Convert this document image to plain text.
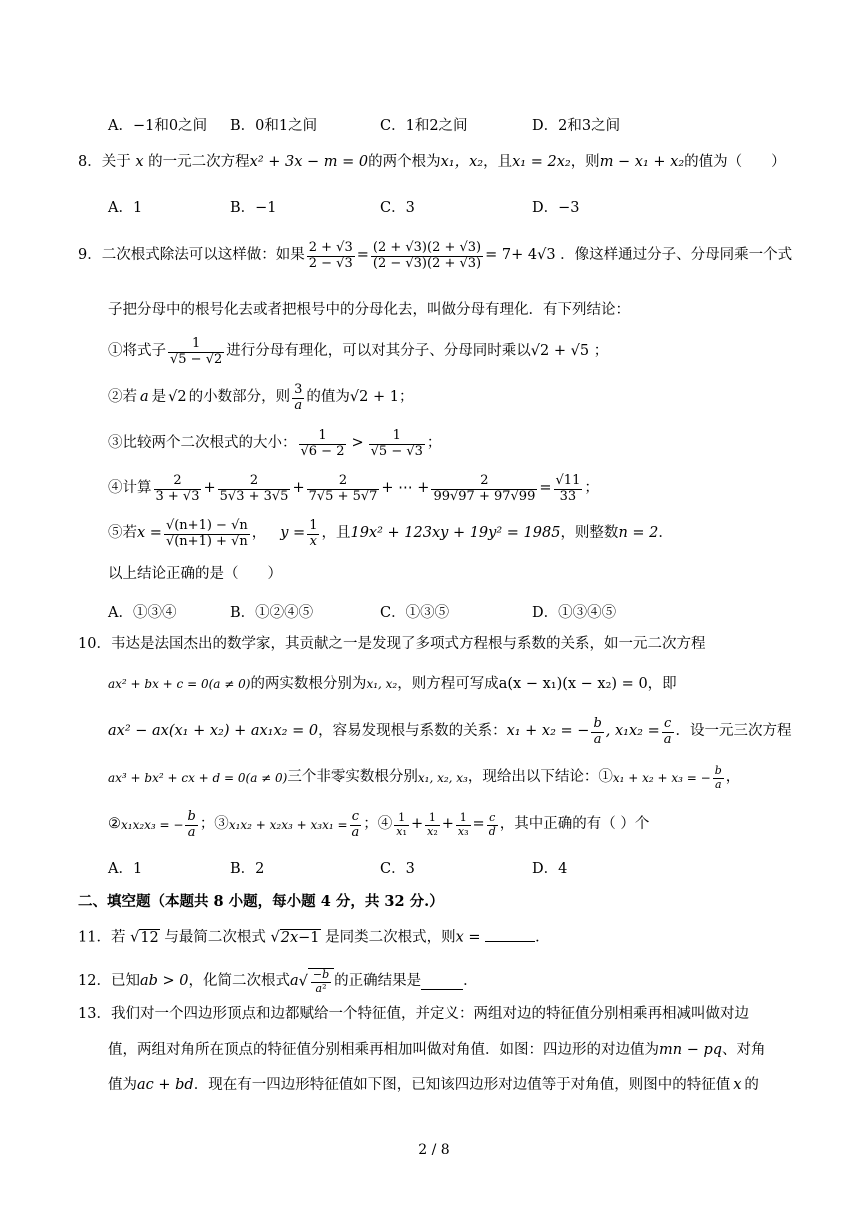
A．−1和0之间 B．0和1之间	C．1和2之间	D．2和3之间
8．关于 x 的一元二次方程x² + 3x − m = 0的两个根为x₁，x₂，且x₁ = 2x₂，则m − x₁ + x₂的值为（　　）
A．1	B．−1	C．3	D．−3
9． 二次根式除法可以这样做：如果 $\frac{2 + √3}{2 - √3} = \frac{(2 + √3)(2 + √3)}{(2 - √3)(2 + √3)} = 7+ 4√3$ ．像这样通过分子、分母同乘一个式
子把分母中的根号化去或者把根号中的分母化去，叫做分母有理化．有下列结论：
①将式子 $\frac{1}{√5 - √2}$ 进行分母有理化，可以对其分子、分母同时乘以 √2 + √5 ；
②若 a 是 √2 的小数部分，则 $\frac{3}{a}$ 的值为 √2 + 1；
③比较两个二次根式的大小： $\frac{1}{√6 - 2} > \frac{1}{√5 - √3}$ ；
④计算 $\frac{2}{3 + √3} + \frac{2}{5√3 + 3√5} + \frac{2}{7√5 + 5√7}$ + ⋯ + $\frac{2}{99√97 + 97√99} = \frac{√11}{33}$ ；
⑤若 $x = \frac{√(n+1) - √n}{√(n+1) + √n}$ ， $y = \frac{1}{x}$ ，且 19x² + 123xy + 19y² = 1985 ，则整数 n = 2 ．
以上结论正确的是（　　）
A．①③④	B．①②④⑤	C．①③⑤	D．①③④⑤
10．韦达是法国杰出的数学家，其贡献之一是发现了多项式方程根与系数的关系，如一元二次方程
ax² + bx + c = 0(a ≠ 0)的两实数根分别为x₁, x₂，则方程可写成a(x − x₁)(x − x₂) = 0，即
ax² − ax(x₁ + x₂) + ax₁x₂ = 0 ，容易发现根与系数的关系： x₁ + x₂ = − $\frac{b}{a}$ , $x_1x_2 = \frac{c}{a}$ ．设一元三次方程
ax³ + bx² + cx + d = 0(a ≠ 0) 三个非零实数根分别 x₁, x₂, x₃ ，现给出以下结论：① x₁ + x₂ + x₃ = − $\frac{b}{a}$ ，
② x₁x₂x₃ = − $\frac{b}{a}$ ；③ $x_1x_2 + x_2x_3 + x_3x_1 = \frac{c}{a}$ ；④ $\frac{1}{\text{x₁}} + \frac{1}{\text{x₂}} + \frac{1}{\text{x₃}} = \frac{c}{d}$ ，其中正确的有（ ）个
A．1	B．2	C．3	D．4
二、填空题（本题共 8 小题，每小题 4 分，共 32 分.）
11．若 √12 与最简二次根式 √2x−1 是同类二次根式，则x =	．
12． 已知 ab > 0 ，化简二次根式 a √ $\frac{-b}{\text{a²}}$ 的正确结果是	．
13．我们对一个四边形顶点和边都赋给一个特征值，并定义：两组对边的特征值分别相乘再相减叫做对边
值，两组对角所在顶点的特征值分别相乘再相加叫做对角值．如图：四边形的对边值为mn − pq、对角
值为ac + bd．现在有一四边形特征值如下图，已知该四边形对边值等于对角值，则图中的特征值 x 的
2 / 8
